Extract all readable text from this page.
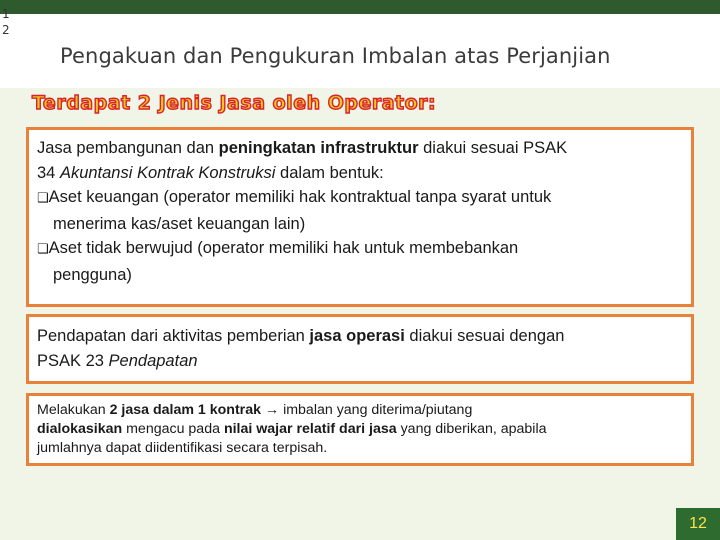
1
2
Pengakuan dan Pengukuran Imbalan atas Perjanjian
Terdapat 2 Jenis Jasa oleh Operator:
Jasa pembangunan dan peningkatan infrastruktur diakui sesuai PSAK
34 Akuntansi Kontrak Konstruksi dalam bentuk:
❑Aset keuangan (operator memiliki hak kontraktual tanpa syarat untuk
menerima kas/aset keuangan lain)
❑Aset tidak berwujud (operator memiliki hak untuk membebankan
pengguna)
Pendapatan dari aktivitas pemberian jasa operasi diakui sesuai dengan
PSAK 23 Pendapatan
Melakukan 2 jasa dalam 1 kontrak → imbalan yang diterima/piutang
dialokasikan mengacu pada nilai wajar relatif dari jasa yang diberikan, apabila
jumlahnya dapat diidentifikasi secara terpisah.
12
